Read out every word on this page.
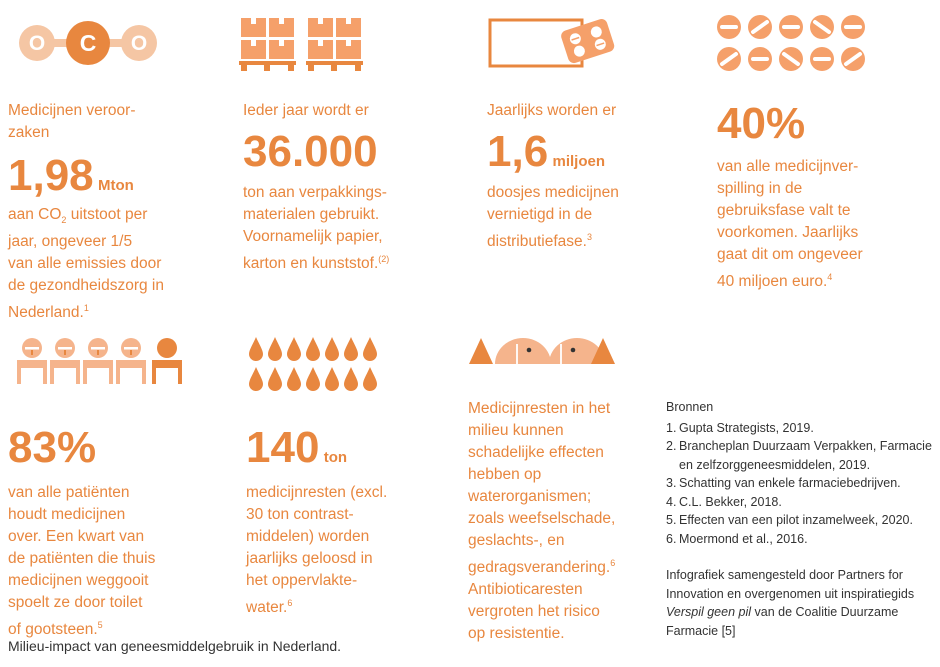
O C O
Medicijnen veroor-
zaken
1,98 Mton
aan $CO_2$ uitstoot per
jaar, ongeveer 1/5
van alle emissies door
de gezondheidszorg in
Nederland.$^1$
Ieder jaar wordt er
36.000
ton aan verpakkings-
materialen gebruikt.
Voornamelijk papier,
karton en kunststof.$^{(2)}$
Jaarlijks worden er
1,6 miljoen
doosjes medicijnen
vernietigd in de
distributiefase.$^3$
40%
van alle medicijnver-
spilling in de
gebruiksfase valt te
voorkomen. Jaarlijks
gaat dit om ongeveer
40 miljoen euro.$^4$
83%
van alle patiënten
houdt medicijnen
over. Een kwart van
de patiënten die thuis
medicijnen weggooit
spoelt ze door toilet
of gootsteen.$^5$
140 ton
medicijnresten (excl.
30 ton contrast-
middelen) worden
jaarlijks geloosd in
het oppervlakte-
water.$^6$
Medicijnresten in het
milieu kunnen
schadelijke effecten
hebben op
waterorganismen;
zoals weefselschade,
geslachts-, en
gedragsverandering.$^6$
Antibioticaresten
vergroten het risico
op resistentie.
Bronnen
1. Gupta Strategists, 2019.
2. Brancheplan Duurzaam Verpakken, Farmacie en zelfzorggeneesmiddelen, 2019.
3. Schatting van enkele farmaciebedrijven.
4. C.L. Bekker, 2018.
5. Effecten van een pilot inzamelweek, 2020.
6. Moermond et al., 2016.
Infografiek samengesteld door Partners for Innovation en overgenomen uit inspiratiegids Verspil geen pil van de Coalitie Duurzame Farmacie [5]
Milieu-impact van geneesmiddelgebruik in Nederland.
